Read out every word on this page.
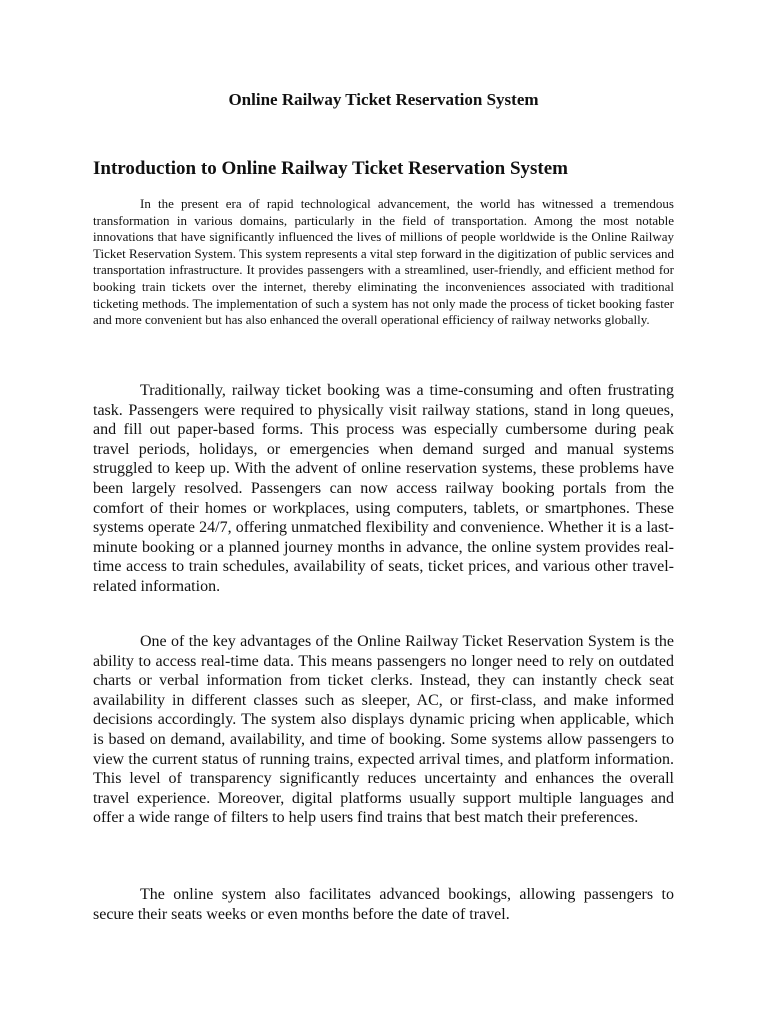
Online Railway Ticket Reservation System
Introduction to Online Railway Ticket Reservation System

In the present era of rapid technological advancement, the world has witnessed a tremendous transformation in various domains, particularly in the field of transportation. Among the most notable innovations that have significantly influenced the lives of millions of people worldwide is the Online Railway Ticket Reservation System. This system represents a vital step forward in the digitization of public services and transportation infrastructure. It provides passengers with a streamlined, user-friendly, and efficient method for booking train tickets over the internet, thereby eliminating the inconveniences associated with traditional ticketing methods. The implementation of such a system has not only made the process of ticket booking faster and more convenient but has also enhanced the overall operational efficiency of railway networks globally.

Traditionally, railway ticket booking was a time-consuming and often frustrating task. Passengers were required to physically visit railway stations, stand in long queues, and fill out paper-based forms. This process was especially cumbersome during peak travel periods, holidays, or emergencies when demand surged and manual systems struggled to keep up. With the advent of online reservation systems, these problems have been largely resolved. Passengers can now access railway booking portals from the comfort of their homes or workplaces, using computers, tablets, or smartphones. These systems operate 24/7, offering unmatched flexibility and convenience. Whether it is a last-minute booking or a planned journey months in advance, the online system provides real-time access to train schedules, availability of seats, ticket prices, and various other travel-related information.

One of the key advantages of the Online Railway Ticket Reservation System is the ability to access real-time data. This means passengers no longer need to rely on outdated charts or verbal information from ticket clerks. Instead, they can instantly check seat availability in different classes such as sleeper, AC, or first-class, and make informed decisions accordingly. The system also displays dynamic pricing when applicable, which is based on demand, availability, and time of booking. Some systems allow passengers to view the current status of running trains, expected arrival times, and platform information. This level of transparency significantly reduces uncertainty and enhances the overall travel experience. Moreover, digital platforms usually support multiple languages and offer a wide range of filters to help users find trains that best match their preferences.

The online system also facilitates advanced bookings, allowing passengers to secure their seats weeks or even months before the date of travel.
